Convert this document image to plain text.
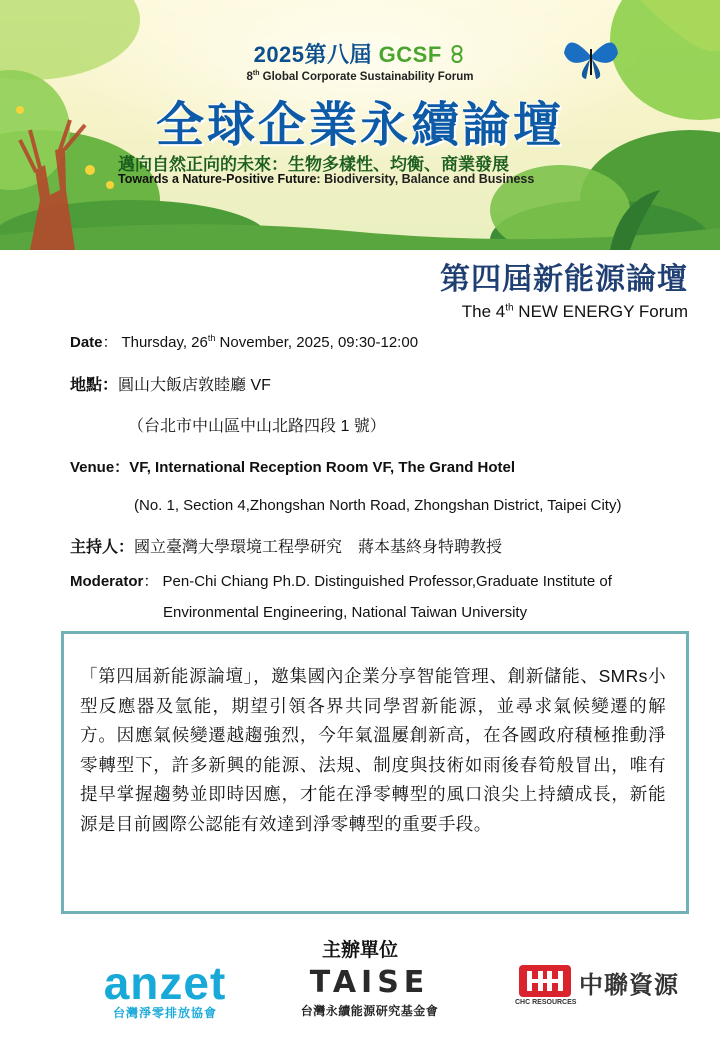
2025第八屆 GCSF
8th Global Corporate Sustainability Forum
全球企業永續論壇
邁向自然正向的未來：生物多樣性、均衡、商業發展
Towards a Nature-Positive Future: Biodiversity, Balance and Business
第四屆新能源論壇
The 4th NEW ENERGY Forum
Date： Thursday, 26th November, 2025, 09:30-12:00
地點：圓山大飯店敦睦廳 VF
（台北市中山區中山北路四段 1 號）
Venue：VF, International Reception Room VF, The Grand Hotel
(No. 1, Section 4,Zhongshan North Road, Zhongshan District, Taipei City)
主持人：國立臺灣大學環境工程學研究　蔣本基終身特聘教授
Moderator： Pen-Chi Chiang Ph.D. Distinguished Professor,Graduate Institute of
Environmental Engineering, National Taiwan University
「第四屆新能源論壇」，邀集國內企業分享智能管理、創新儲能、SMRs小型反應器及氫能，期望引領各界共同學習新能源，並尋求氣候變遷的解方。因應氣候變遷越趨強烈，今年氣溫屢創新高，在各國政府積極推動淨零轉型下，許多新興的能源、法規、制度與技術如雨後春筍般冒出，唯有提早掌握趨勢並即時因應，才能在淨零轉型的風口浪尖上持續成長，新能源是目前國際公認能有效達到淨零轉型的重要手段。
主辦單位
anzet
台灣淨零排放協會
TAISE
台灣永續能源研究基金會
中聯資源
CHC RESOURCES
